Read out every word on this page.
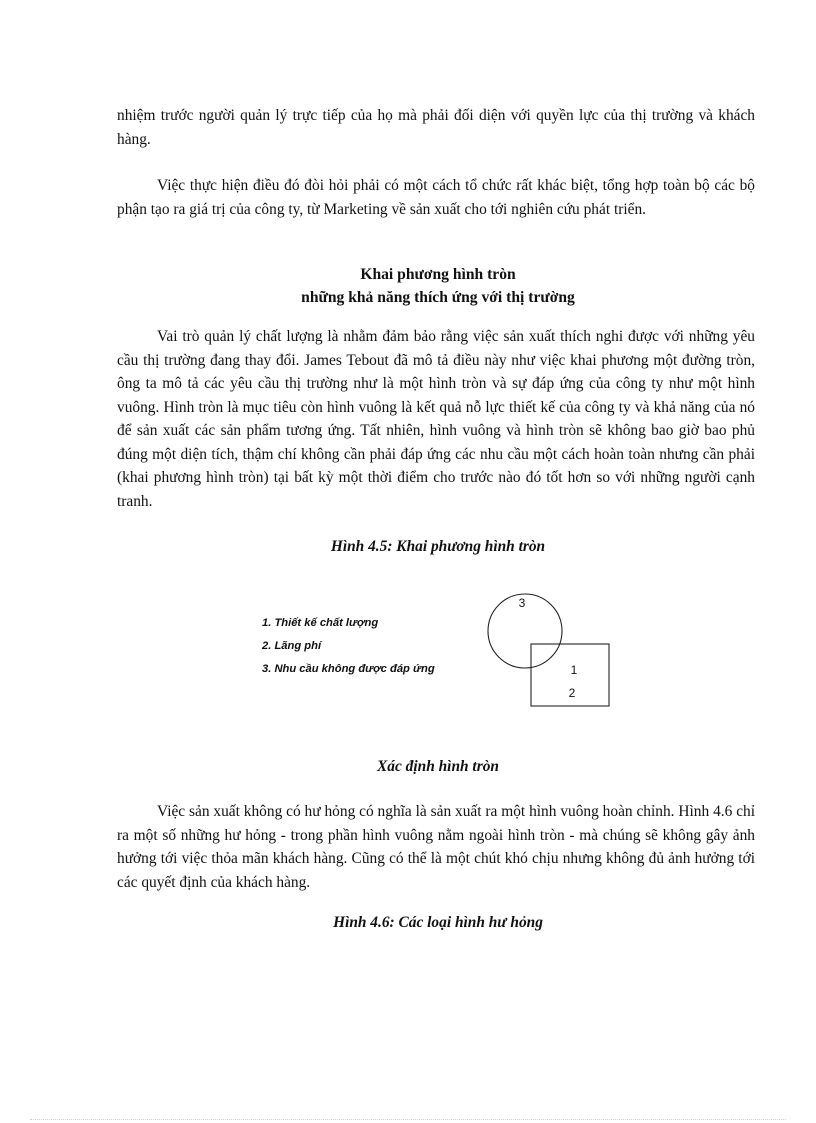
nhiệm trước người quản lý trực tiếp của họ mà phải đối diện với quyền lực của thị trường và khách hàng.

Việc thực hiện điều đó đòi hỏi phải có một cách tổ chức rất khác biệt, tổng hợp toàn bộ các bộ phận tạo ra giá trị của công ty, từ Marketing về sản xuất cho tới nghiên cứu phát triển.

Khai phương hình tròn

những khả năng thích ứng với thị trường

Vai trò quản lý chất lượng là nhằm đảm bảo rằng việc sản xuất thích nghi được với những yêu cầu thị trường đang thay đổi. James Tebout đã mô tả điều này như việc khai phương một đường tròn, ông ta mô tả các yêu cầu thị trường như là một hình tròn và sự đáp ứng của công ty như một hình vuông. Hình tròn là mục tiêu còn hình vuông là kết quả nỗ lực thiết kế của công ty và khả năng của nó để sản xuất các sản phẩm tương ứng. Tất nhiên, hình vuông và hình tròn sẽ không bao giờ bao phủ đúng một diện tích, thậm chí không cần phải đáp ứng các nhu cầu một cách hoàn toàn nhưng cần phải (khai phương hình tròn) tại bất kỳ một thời điểm cho trước nào đó tốt hơn so với những người cạnh tranh.

Hình 4.5: Khai phương hình tròn

1. Thiết kế chất lượng
2. Lãng phí
3. Nhu cầu không được đáp ứng
3
1
2

Xác định hình tròn

Việc sản xuất không có hư hỏng có nghĩa là sản xuất ra một hình vuông hoàn chỉnh. Hình 4.6 chỉ ra một số những hư hỏng - trong phần hình vuông nằm ngoài hình tròn - mà chúng sẽ không gây ảnh hưởng tới việc thỏa mãn khách hàng. Cũng có thể là một chút khó chịu nhưng không đủ ảnh hưởng tới các quyết định của khách hàng.

Hình 4.6: Các loại hình hư hỏng
